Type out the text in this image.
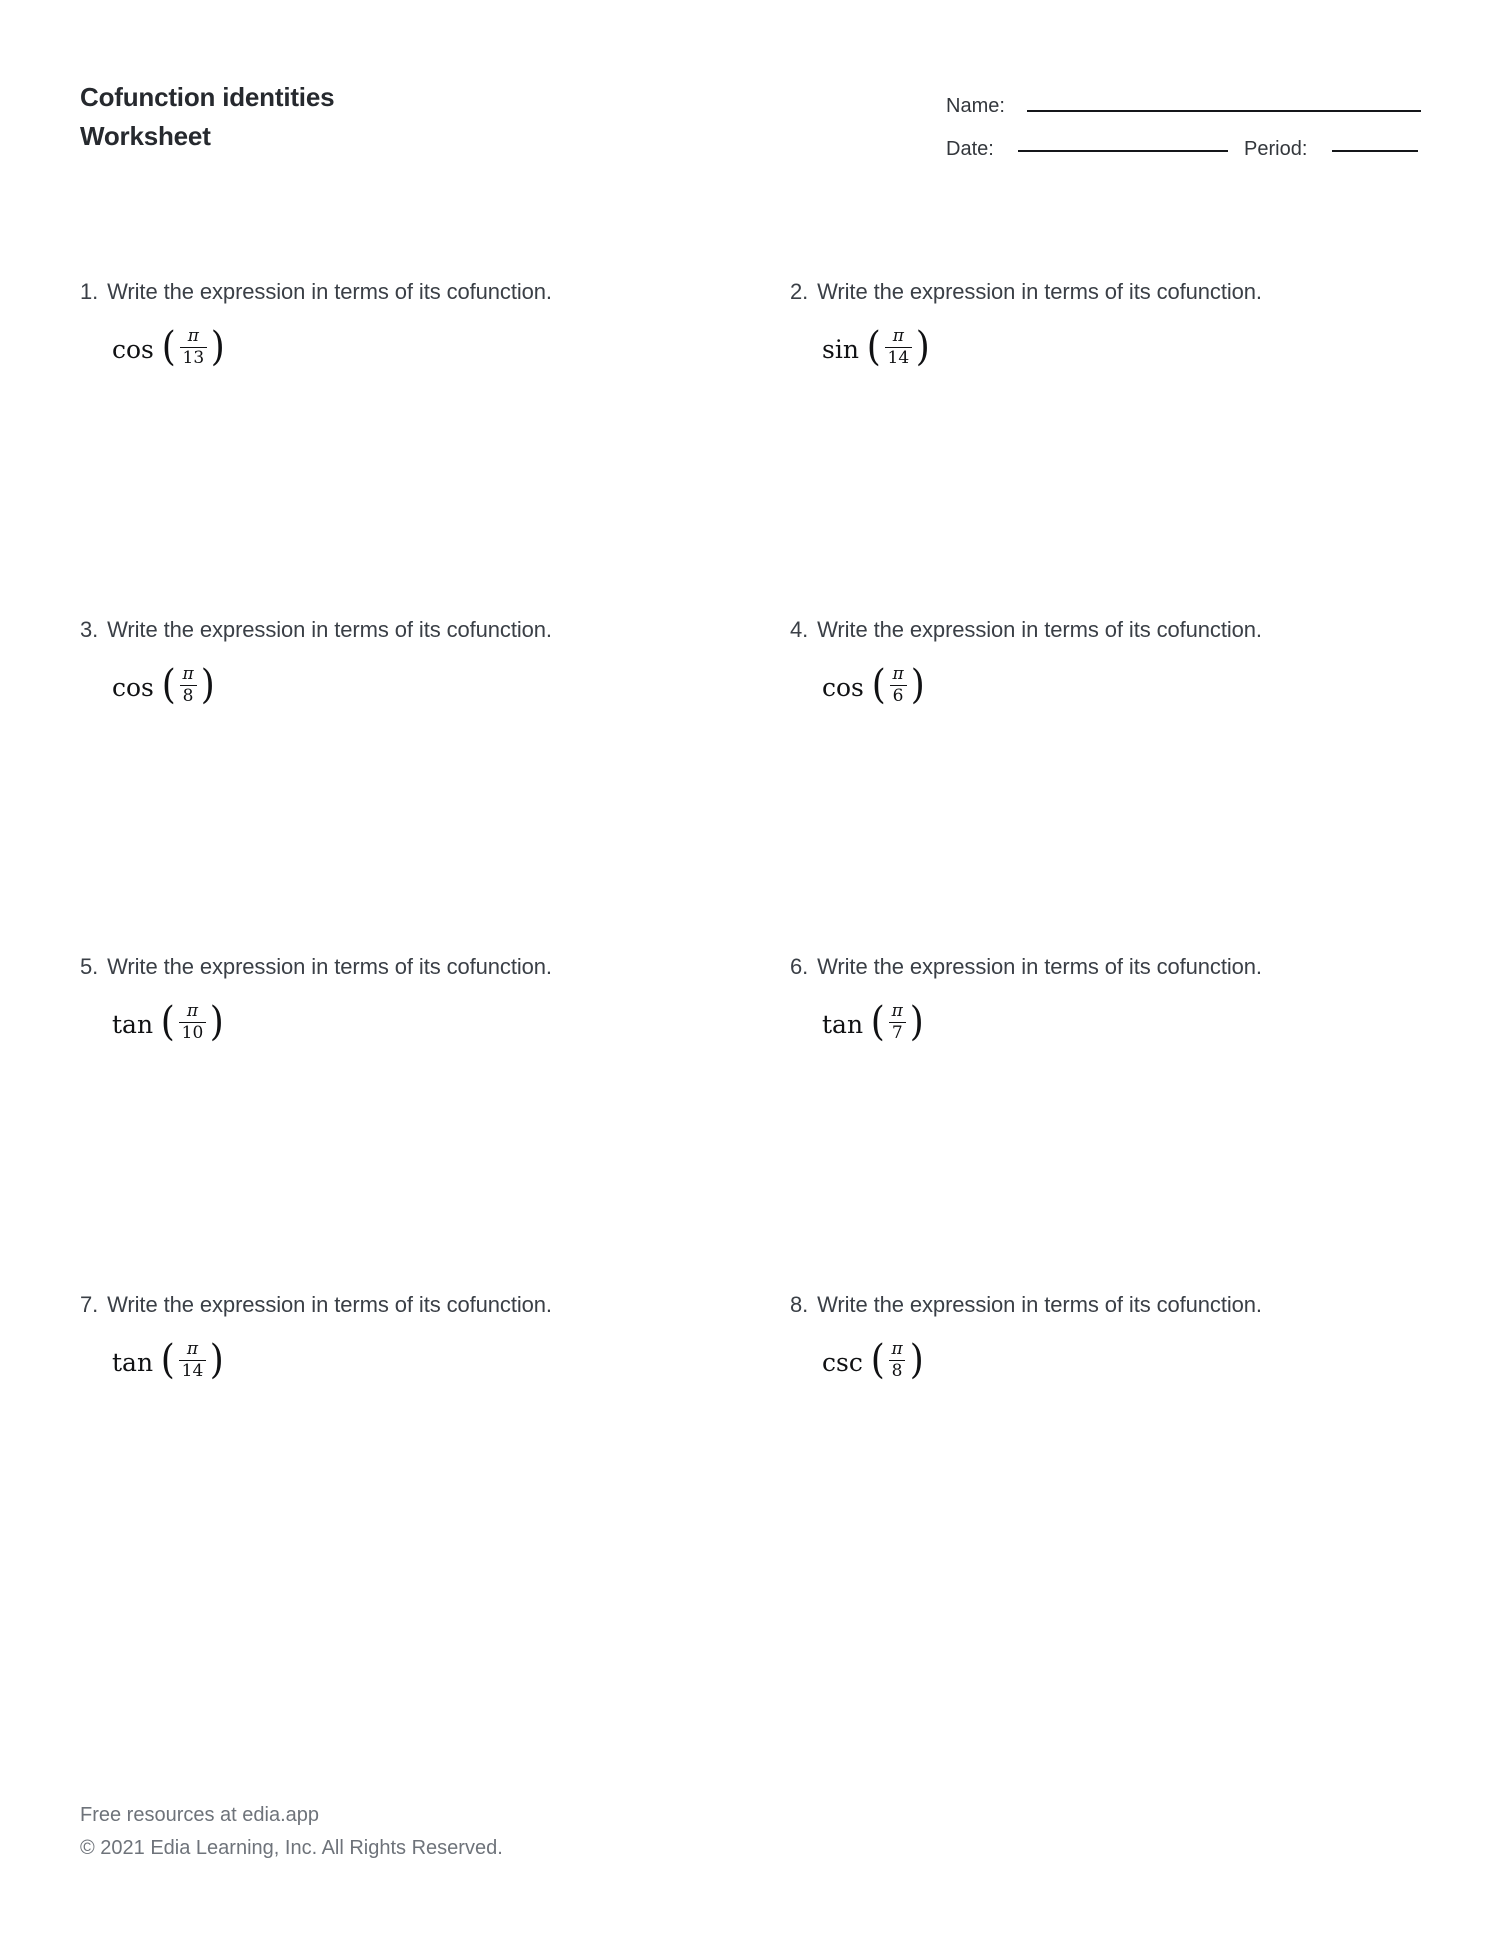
Cofunction identities
Worksheet
Name:
Date:	Period:
1. Write the expression in terms of its cofunction.
cos ( $\frac{\pi}{13}$ )
2. Write the expression in terms of its cofunction.
sin ( $\frac{\pi}{14}$ )
3. Write the expression in terms of its cofunction.
cos ( $\frac{\pi}{8}$ )
4. Write the expression in terms of its cofunction.
cos ( $\frac{\pi}{6}$ )
5. Write the expression in terms of its cofunction.
tan ( $\frac{\pi}{10}$ )
6. Write the expression in terms of its cofunction.
tan ( $\frac{\pi}{7}$ )
7. Write the expression in terms of its cofunction.
tan ( $\frac{\pi}{14}$ )
8. Write the expression in terms of its cofunction.
csc ( $\frac{\pi}{8}$ )
Free resources at edia.app
© 2021 Edia Learning, Inc. All Rights Reserved.
